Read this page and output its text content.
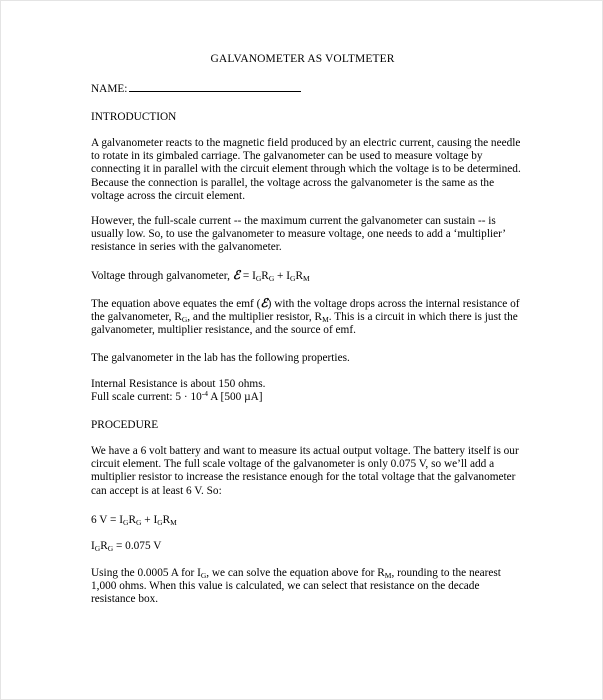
GALVANOMETER AS VOLTMETER
NAME:
INTRODUCTION

A galvanometer reacts to the magnetic field produced by an electric current, causing the needle to rotate in its gimbaled carriage. The galvanometer can be used to measure voltage by connecting it in parallel with the circuit element through which the voltage is to be determined. Because the connection is parallel, the voltage across the galvanometer is the same as the voltage across the circuit element.

However, the full-scale current -- the maximum current the galvanometer can sustain -- is usually low. So, to use the galvanometer to measure voltage, one needs to add a ‘multiplier’ resistance in series with the galvanometer.

Voltage through galvanometer, ℰ = $I_GR_G + I_GR_M$

The equation above equates the emf (ℰ) with the voltage drops across the internal resistance of the galvanometer, $R_G$, and the multiplier resistor, $R_M$. This is a circuit in which there is just the galvanometer, multiplier resistance, and the source of emf.

The galvanometer in the lab has the following properties.

Internal Resistance is about 150 ohms.

Full scale current: $5 \cdot 10^{-4}$ A [500 µA]

PROCEDURE

We have a 6 volt battery and want to measure its actual output voltage. The battery itself is our circuit element. The full scale voltage of the galvanometer is only 0.075 V, so we’ll add a multiplier resistor to increase the resistance enough for the total voltage that the galvanometer can accept is at least 6 V. So:

6 $V = I_GR_G + I_GR_M$
$I_GR_G = 0.075$ V

Using the 0.0005 A for $I_G$, we can solve the equation above for $R_M$, rounding to the nearest 1,000 ohms. When this value is calculated, we can select that resistance on the decade resistance box.
